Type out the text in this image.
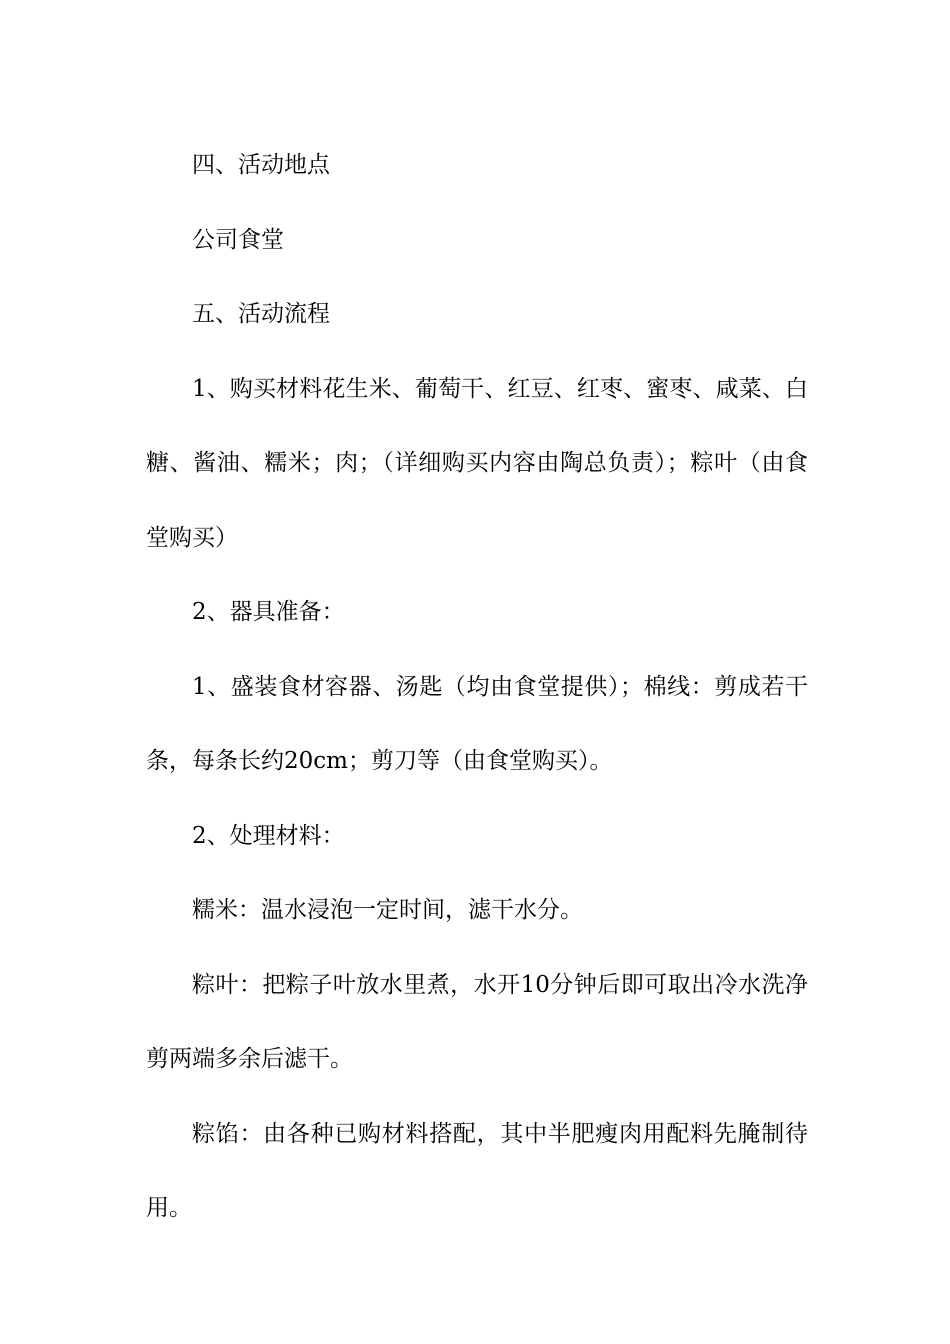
四、活动地点

公司食堂

五、活动流程

1、购买材料花生米、葡萄干、红豆、红枣、蜜枣、咸菜、白糖、酱油、糯米；肉；（详细购买内容由陶总负责）；粽叶（由食堂购买）

2、器具准备：

1、盛装食材容器、汤匙（均由食堂提供）；棉线：剪成若干条，每条长约20cm；剪刀等（由食堂购买）。

2、处理材料：

糯米：温水浸泡一定时间，滤干水分。

粽叶：把粽子叶放水里煮，水开10分钟后即可取出冷水洗净剪两端多余后滤干。

粽馅：由各种已购材料搭配，其中半肥瘦肉用配料先腌制待用。
